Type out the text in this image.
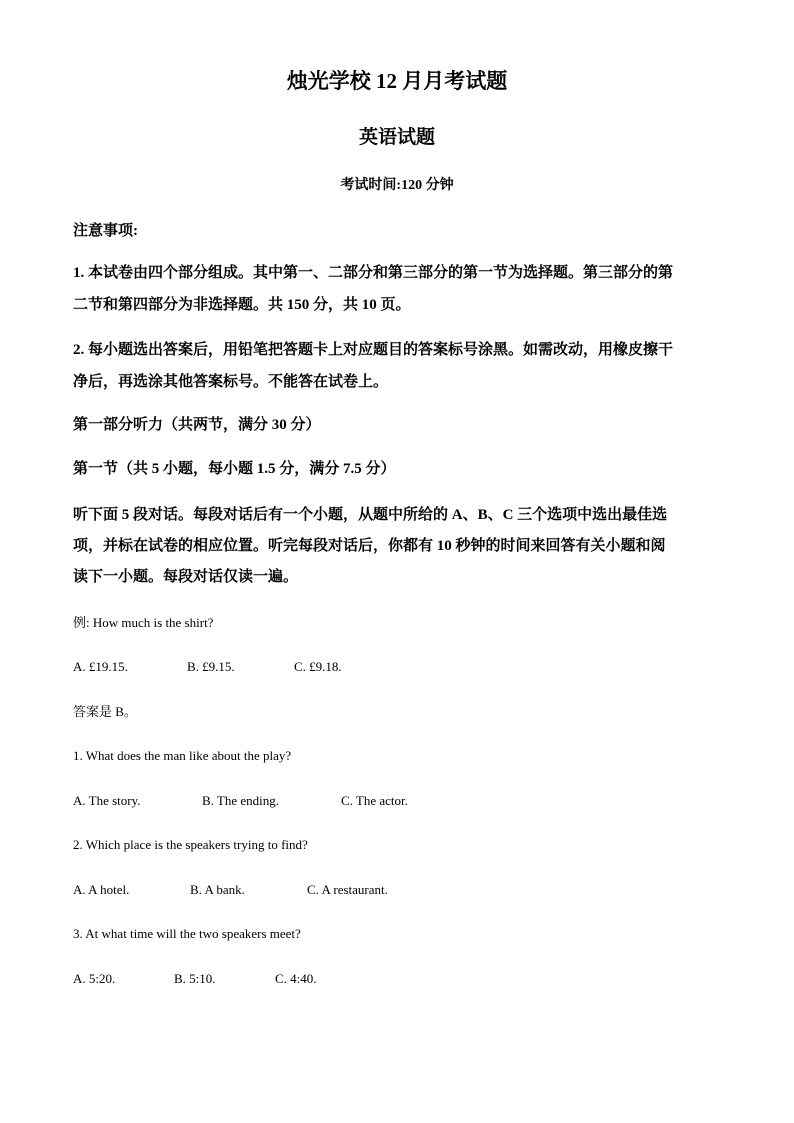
烛光学校 12 月月考试题
英语试题
考试时间:120 分钟
注意事项:
1. 本试卷由四个部分组成。其中第一、二部分和第三部分的第一节为选择题。第三部分的第
二节和第四部分为非选择题。共 150 分，共 10 页。
2. 每小题选出答案后，用铅笔把答题卡上对应题目的答案标号涂黑。如需改动，用橡皮擦干
净后，再选涂其他答案标号。不能答在试卷上。
第一部分听力（共两节，满分 30 分）
第一节（共 5 小题，每小题 1.5 分，满分 7.5 分）
听下面 5 段对话。每段对话后有一个小题，从题中所给的 A、B、C 三个选项中选出最佳选
项，并标在试卷的相应位置。听完每段对话后，你都有 10 秒钟的时间来回答有关小题和阅
读下一小题。每段对话仅读一遍。
例: How much is the shirt?
A. £19.15.	B. £9.15.	C. £9.18.
答案是 B。
1. What does the man like about the play?
A. The story.	B. The ending.	C. The actor.
2. Which place is the speakers trying to find?
A. A hotel.	B. A bank.	C. A restaurant.
3. At what time will the two speakers meet?
A. 5:20.	B. 5:10.	C. 4:40.
